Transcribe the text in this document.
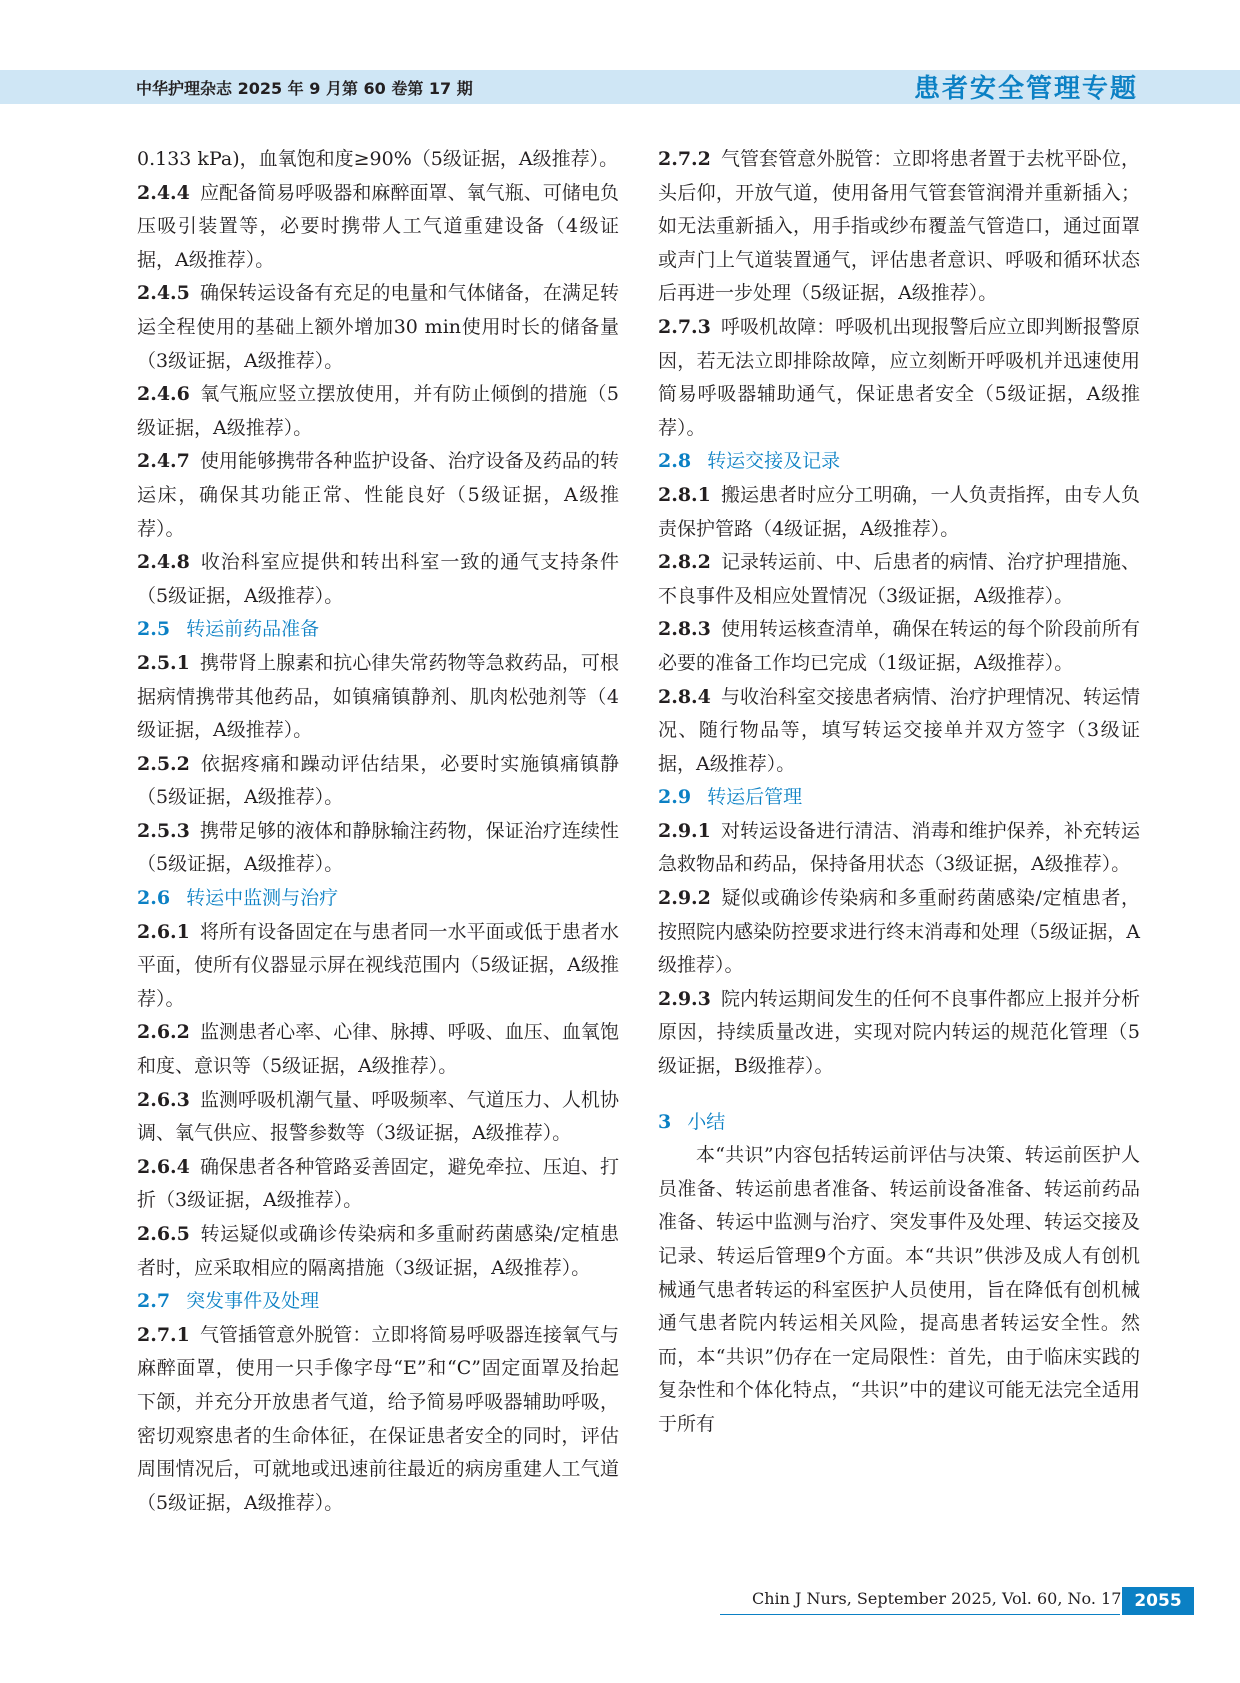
中华护理杂志 2025 年 9 月第 60 卷第 17 期	患者安全管理专题

0.133 kPa)，血氧饱和度≥90%（5级证据，A级推荐）。

2.4.4 应配备简易呼吸器和麻醉面罩、氧气瓶、可储电负压吸引装置等，必要时携带人工气道重建设备（4级证据，A级推荐）。

2.4.5 确保转运设备有充足的电量和气体储备，在满足转运全程使用的基础上额外增加30 min使用时长的储备量（3级证据，A级推荐）。

2.4.6 氧气瓶应竖立摆放使用，并有防止倾倒的措施（5级证据，A级推荐）。

2.4.7 使用能够携带各种监护设备、治疗设备及药品的转运床，确保其功能正常、性能良好（5级证据，A级推荐）。

2.4.8 收治科室应提供和转出科室一致的通气支持条件（5级证据，A级推荐）。

2.5 转运前药品准备

2.5.1 携带肾上腺素和抗心律失常药物等急救药品，可根据病情携带其他药品，如镇痛镇静剂、肌肉松弛剂等（4级证据，A级推荐）。

2.5.2 依据疼痛和躁动评估结果，必要时实施镇痛镇静（5级证据，A级推荐）。

2.5.3 携带足够的液体和静脉输注药物，保证治疗连续性（5级证据，A级推荐）。

2.6 转运中监测与治疗

2.6.1 将所有设备固定在与患者同一水平面或低于患者水平面，使所有仪器显示屏在视线范围内（5级证据，A级推荐）。

2.6.2 监测患者心率、心律、脉搏、呼吸、血压、血氧饱和度、意识等（5级证据，A级推荐）。

2.6.3 监测呼吸机潮气量、呼吸频率、气道压力、人机协调、氧气供应、报警参数等（3级证据，A级推荐）。

2.6.4 确保患者各种管路妥善固定，避免牵拉、压迫、打折（3级证据，A级推荐）。

2.6.5 转运疑似或确诊传染病和多重耐药菌感染/定植患者时，应采取相应的隔离措施（3级证据，A级推荐）。

2.7 突发事件及处理

2.7.1 气管插管意外脱管：立即将简易呼吸器连接氧气与麻醉面罩，使用一只手像字母“E”和“C”固定面罩及抬起下颌，并充分开放患者气道，给予简易呼吸器辅助呼吸，密切观察患者的生命体征，在保证患者安全的同时，评估周围情况后，可就地或迅速前往最近的病房重建人工气道（5级证据，A级推荐）。

2.7.2 气管套管意外脱管：立即将患者置于去枕平卧位，头后仰，开放气道，使用备用气管套管润滑并重新插入；如无法重新插入，用手指或纱布覆盖气管造口，通过面罩或声门上气道装置通气，评估患者意识、呼吸和循环状态后再进一步处理（5级证据，A级推荐）。

2.7.3 呼吸机故障：呼吸机出现报警后应立即判断报警原因，若无法立即排除故障，应立刻断开呼吸机并迅速使用简易呼吸器辅助通气，保证患者安全（5级证据，A级推荐）。

2.8 转运交接及记录

2.8.1 搬运患者时应分工明确，一人负责指挥，由专人负责保护管路（4级证据，A级推荐）。

2.8.2 记录转运前、中、后患者的病情、治疗护理措施、不良事件及相应处置情况（3级证据，A级推荐）。

2.8.3 使用转运核查清单，确保在转运的每个阶段前所有必要的准备工作均已完成（1级证据，A级推荐）。

2.8.4 与收治科室交接患者病情、治疗护理情况、转运情况、随行物品等，填写转运交接单并双方签字（3级证据，A级推荐）。

2.9 转运后管理

2.9.1 对转运设备进行清洁、消毒和维护保养，补充转运急救物品和药品，保持备用状态（3级证据，A级推荐）。

2.9.2 疑似或确诊传染病和多重耐药菌感染/定植患者，按照院内感染防控要求进行终末消毒和处理（5级证据，A级推荐）。

2.9.3 院内转运期间发生的任何不良事件都应上报并分析原因，持续质量改进，实现对院内转运的规范化管理（5级证据，B级推荐）。

3 小结

本“共识”内容包括转运前评估与决策、转运前医护人员准备、转运前患者准备、转运前设备准备、转运前药品准备、转运中监测与治疗、突发事件及处理、转运交接及记录、转运后管理9个方面。本“共识”供涉及成人有创机械通气患者转运的科室医护人员使用，旨在降低有创机械通气患者院内转运相关风险，提高患者转运安全性。然而，本“共识”仍存在一定局限性：首先，由于临床实践的复杂性和个体化特点，“共识”中的建议可能无法完全适用于所有

Chin J Nurs, September 2025, Vol. 60, No. 17 2055
